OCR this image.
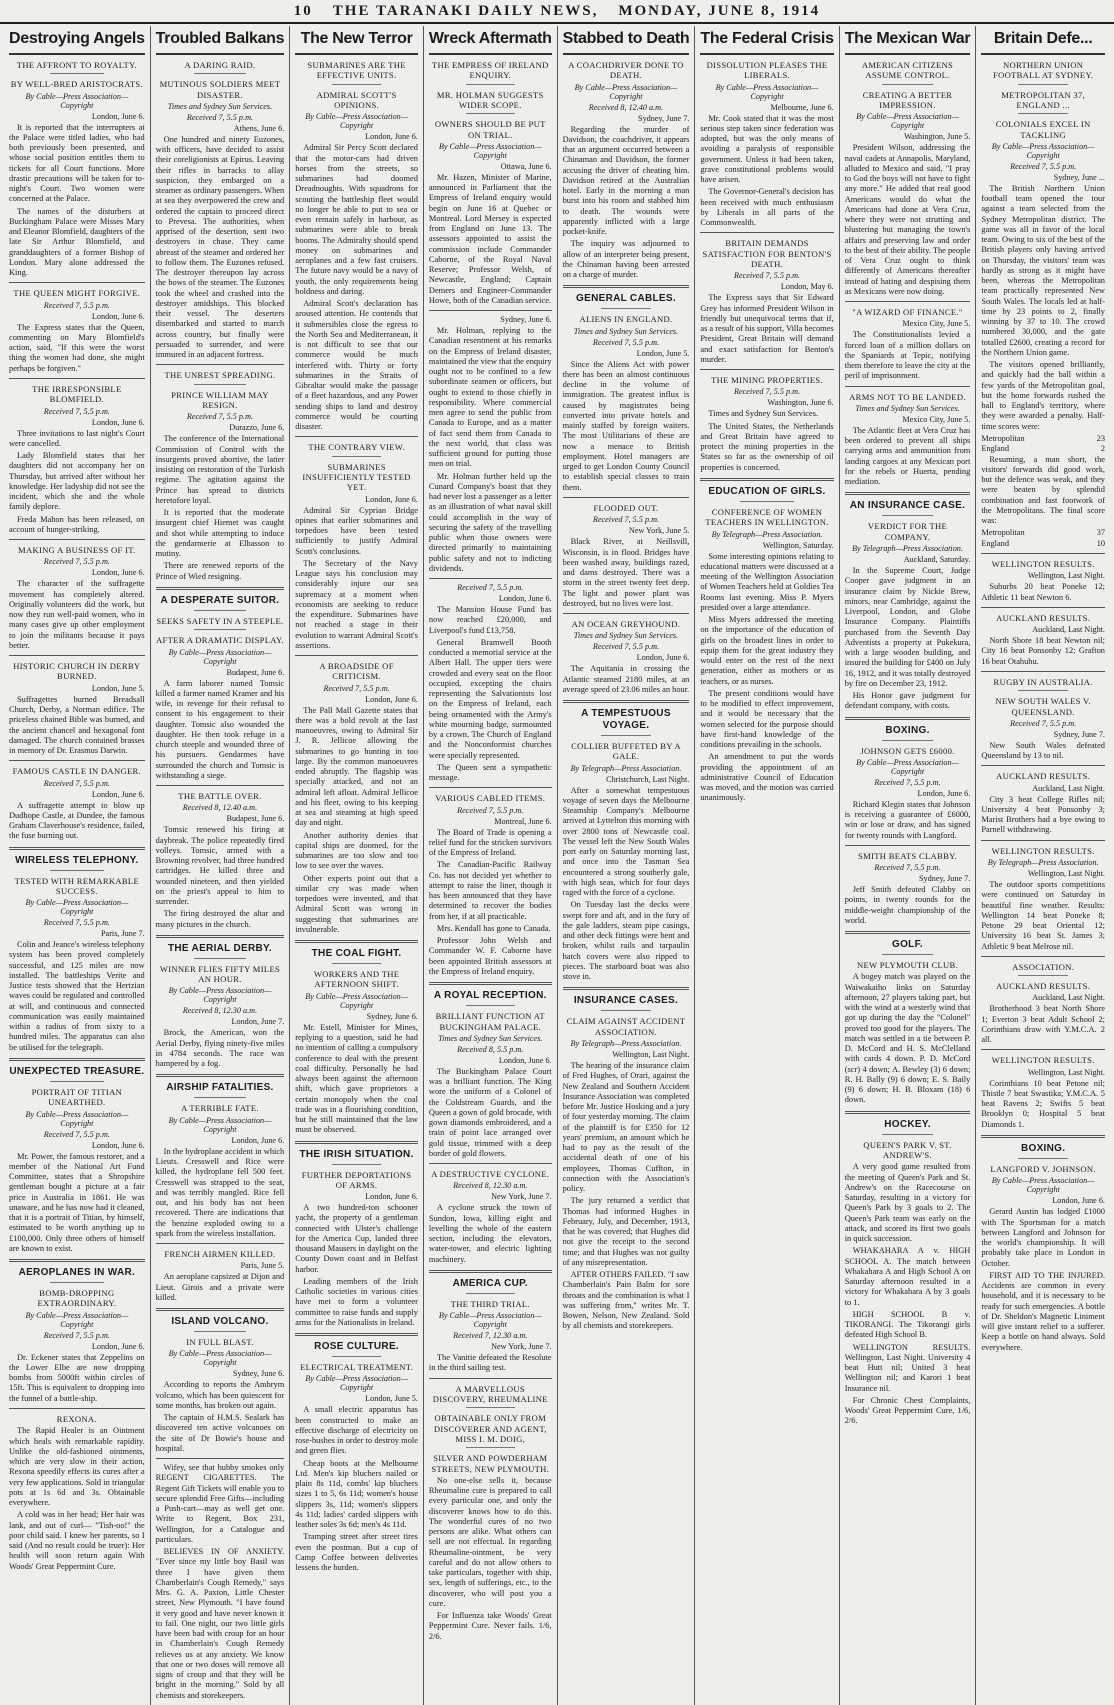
10 THE TARANAKI DAILY NEWS, MONDAY, JUNE 8, 1914
Destroying Angels
THE AFFRONT TO ROYALTY.
BY WELL-BRED ARISTOCRATS.
By Cable—Press Association—Copyright
London, June 6.

It is reported that the interrupters at the Palace were titled ladies, who had both previously been presented, and whose social position entitles them to tickets for all Court functions. More drastic precautions will be taken for to-night's Court. Two women were concerned at the Palace.

The names of the disturbers at Buckingham Palace were Misses Mary and Eleanor Blomfield, daughters of the late Sir Arthur Blomfield, and granddaughters of a former Bishop of London. Mary alone addressed the King.

THE QUEEN MIGHT FORGIVE.
Received 7, 5.5 p.m.
London, June 6.

The Express states that the Queen, commenting on Mary Blomfield's action, said, "If this were the worst thing the women had done, she might perhaps be forgiven."

THE IRRESPONSIBLE BLOMFIELD.
Received 7, 5.5 p.m.
London, June 6.

Three invitations to last night's Court were cancelled.

Lady Blomfield states that her daughters did not accompany her on Thursday, but arrived after without her knowledge. Her ladyship did not see the incident, which she and the whole family deplore.

Freda Mahon has been released, on account of hunger-striking.

MAKING A BUSINESS OF IT.
Received 7, 5.5 p.m.
London, June 6.

The character of the suffragette movement has completely altered. Originally volunteers did the work, but now they run well-paid women, who in many cases give up other employment to join the militants because it pays better.

HISTORIC CHURCH IN DERBY BURNED.
London, June 5.

Suffragettes burned Breadsall Church, Derby, a Norman edifice. The priceless chained Bible was burned, and the ancient chancel and hexagonal font damaged. The church contained brasses in memory of Dr. Erasmus Darwin.

FAMOUS CASTLE IN DANGER.
Received 7, 5.5 p.m.
London, June 6.

A suffragette attempt to blow up Dudhope Castle, at Dundee, the famous Graham Claverhouse's residence, failed, the fuse burning out.

WIRELESS TELEPHONY.
TESTED WITH REMARKABLE SUCCESS.
By Cable—Press Association—Copyright
Received 7, 5.5 p.m.
Paris, June 7.

Colin and Jeance's wireless telephony system has been proved completely successful, and 125 miles are now installed. The battleships Verite and Justice tests showed that the Hertzian waves could be regulated and controlled at will, and continuous and connected communication was easily maintained within a radius of from sixty to a hundred miles. The apparatus can also be utilised for the telegraph.

UNEXPECTED TREASURE.
PORTRAIT OF TITIAN UNEARTHED.
By Cable—Press Association—Copyright
Received 7, 5.5 p.m.
London, June 6.

Mr. Power, the famous restorer, and a member of the National Art Fund Committee, states that a Shropshire gentleman bought a picture at a fair price in Australia in 1861. He was unaware, and he has now had it cleaned, that it is a portrait of Titian, by himself, estimated to be worth anything up to £100,000. Only three others of himself are known to exist.

AEROPLANES IN WAR.
BOMB-DROPPING EXTRAORDINARY.
By Cable—Press Association—Copyright
Received 7, 5.5 p.m.
London, June 6.

Dr. Eckener states that Zeppelins on the Lower Elbe are now dropping bombs from 5000ft within circles of 15ft. This is equivalent to dropping into the funnel of a battle-ship.

REXONA.

The Rapid Healer is an Ointment which heals with remarkable rapidity. Unlike the old-fashioned ointments, which are very slow in their action, Rexona speedily effects its cures after a very few applications. Sold in triangular pots at 1s 6d and 3s. Obtainable everywhere.

A cold was in her head; Her hair was lank, and out of curl— "Tish-oo!" the poor child said. I knew her parents, so I said (And no result could be truer): Her health will soon return again With Woods' Great Peppermint Cure.

Troubled Balkans
A DARING RAID.
MUTINOUS SOLDIERS MEET DISASTER.
Times and Sydney Sun Services.
Received 7, 5.5 p.m.
Athens, June 6.

One hundred and ninety Euzones, with officers, have decided to assist their coreligionists at Epirus. Leaving their rifles in barracks to allay suspicion, they embarged on a steamer as ordinary passengers. When at sea they overpowered the crew and ordered the captain to proceed direct to Prevesa. The authorities, when apprised of the desertion, sent two destroyers in chase. They came abreast of the steamer and ordered her to follow them. The Euzones refused. The destroyer thereupon lay across the bows of the steamer. The Euzones took the wheel and crashed into the destroyer amidships. This blocked their vessel. The deserters disembarked and started to march across country, but finally were persuaded to surrender, and were immured in an adjacent fortress.

THE UNREST SPREADING.
PRINCE WILLIAM MAY RESIGN.
Received 7, 5.5 p.m.
Durazzo, June 6.

The conference of the International Commission of Control with the insurgents proved abortive, the latter insisting on restoration of the Turkish regime. The agitation against the Prince has spread to districts heretofore loyal.

It is reported that the moderate insurgent chief Hiemet was caught and shot while attempting to induce the gendarmerie at Elbasson to mutiny.

There are renewed reports of the Prince of Wied resigning.

A DESPERATE SUITOR.
SEEKS SAFETY IN A STEEPLE.
AFTER A DRAMATIC DISPLAY.
By Cable—Press Association—Copyright
Budapest, June 6.

A farm laborer named Tomsic killed a farmer named Kramer and his wife, in revenge for their refusal to consent to his engagement to their daughter. Tomsic also wounded the daughter. He then took refuge in a church steeple and wounded three of his pursuers. Gendarmes have surrounded the church and Tomsic is withstanding a siege.

THE BATTLE OVER.
Received 8, 12.40 a.m.
Budapest, June 6.

Tomsic renewed his firing at daybreak. The police repeatedly fired volleys. Tomsic, armed with a Browning revolver, had three hundred cartridges. He killed three and wounded nineteen, and then yielded on the priest's appeal to him to surrender.

The firing destroyed the altar and many pictures in the church.

THE AERIAL DERBY.
WINNER FLIES FIFTY MILES AN HOUR.
By Cable—Press Association—Copyright
Received 8, 12.30 a.m.
London, June 7.

Brock, the American, won the Aerial Derby, flying ninety-five miles in 4784 seconds. The race was hampered by a fog.

AIRSHIP FATALITIES.
A TERRIBLE FATE.
By Cable—Press Association—Copyright
London, June 6.

In the hydroplane accident in which Lieuts. Cresswell and Rice were killed, the hydroplane fell 500 feet. Cresswell was strapped to the seat, and was terribly mangled. Rice fell out, and his body has not been recovered. There are indications that the benzine exploded owing to a spark from the wireless installation.

FRENCH AIRMEN KILLED.
Paris, June 5.

An aeroplane capsized at Dijon and Lieut. Girois and a private were killed.

ISLAND VOLCANO.
IN FULL BLAST.
By Cable—Press Association—Copyright
Sydney, June 6.

According to reports the Ambrym volcano, which has been quiescent for some months, has broken out again.

The captain of H.M.S. Sealark has discovered ten active volcanoes on the site of Dr Bowie's house and hospital.

Wifey, see that hubby smokes only REGENT CIGARETTES. The Regent Gift Tickets will enable you to secure splendid Free Gifts—including a Push-cart—may as well get one. Write to Regent, Box 231, Wellington, for a Catalogue and particulars.

BELIEVES IN OF ANXIETY. "Ever since my little boy Basil was three I have given them Chamberlain's Cough Remedy," says Mrs. G. A. Paxton, Little Chester street, New Plymouth. "I have found it very good and have never known it to fail. One night, our two little girls have been bad with croup for an hour in Chamberlain's Cough Remedy relieves us at any anxiety. We know that one or two doses will remove all signs of croup and that they will be bright in the morning." Sold by all chemists and storekeepers.

The New Terror
SUBMARINES ARE THE EFFECTIVE UNITS.
ADMIRAL SCOTT'S OPINIONS.
By Cable—Press Association—Copyright
London, June 6.

Admiral Sir Percy Scott declared that the motor-cars had driven horses from the streets, so submarines had doomed Dreadnoughts. With squadrons for scouting the battleship fleet would no longer be able to put to sea or even remain safely in harbour, as submarines were able to break booms. The Admiralty should spend money on submarines and aeroplanes and a few fast cruisers. The future navy would be a navy of youth, the only requirements being boldness and daring.

Admiral Scott's declaration has aroused attention. He contends that it submersibles close the egress to the North Sea and Mediterranean, it is not difficult to see that our commerce would be much interfered with. Thirty or forty submarines in the Straits of Gibraltar would make the passage of a fleet hazardous, and any Power sending ships to land and destroy commerce would be courting disaster.

THE CONTRARY VIEW.
SUBMARINES INSUFFICIENTLY TESTED YET.
London, June 6.

Admiral Sir Cyprian Bridge opines that earlier submarines and torpedoes have been tested sufficiently to justify Admiral Scott's conclusions.

The Secretary of the Navy League says his conclusion may considerably injure our sea supremacy at a moment when economists are seeking to reduce the expenditure. Submarines have not reached a stage in their evolution to warrant Admiral Scott's assertions.

A BROADSIDE OF CRITICISM.
Received 7, 5.5 p.m.
London, June 6.

The Pall Mall Gazette states that there was a bold revolt at the last manoeuvres, owing to Admiral Sir J. R. Jellicoe allowing the submarines to go hunting in too large. By the common manoeuvres ended abruptly. The flagship was specially attacked, and not an admiral left afloat. Admiral Jellicoe and his fleet, owing to his keeping at sea and steaming at high speed day and night.

Another authority denies that capital ships are doomed, for the submarines are too slow and too low to see over the waves.

Other experts point out that a similar cry was made when torpedoes were invented, and that Admiral Scott was wrong in suggesting that submarines are invulnerable.

THE COAL FIGHT.
WORKERS AND THE AFTERNOON SHIFT.
By Cable—Press Association—Copyright
Sydney, June 6.

Mr. Estell, Minister for Mines, replying to a question, said he had no intention of calling a compulsory conference to deal with the present coal difficulty. Personally he had always been against the afternoon shift, which gave proprietors a certain monopoly when the coal trade was in a flourishing condition, but he still maintained that the law must be observed.

THE IRISH SITUATION.
FURTHER DEPORTATIONS OF ARMS.
London, June 6.

A two hundred-ton schooner yacht, the property of a gentleman connected with Ulster's challenge for the America Cup, landed three thousand Mausers in daylight on the County Down coast and in Belfast harbor.

Leading members of the Irish Catholic societies in various cities have met to form a volunteer committee to raise funds and supply arms for the Nationalists in Ireland.

ROSE CULTURE.
ELECTRICAL TREATMENT.
By Cable—Press Association—Copyright
London, June 5.

A small electric apparatus has been constructed to make an effective discharge of electricity on rose-bushes in order to destroy mole and green flies.

Cheap boots at the Melbourne Ltd. Men's kip bluchers nailed or plain 8s 11d, combs' kip bluchers sizes 1 to 5, 6s 11d; women's house slippers 3s, 11d; women's slippers 4s 11d; ladies' carded slippers with leather soles 3s 6d; men's 4s 11d.

Tramping street after street tires even the postman. But a cup of Camp Coffee between deliveries lessens the burden.

Wreck Aftermath
THE EMPRESS OF IRELAND ENQUIRY.
MR. HOLMAN SUGGESTS WIDER SCOPE.
OWNERS SHOULD BE PUT ON TRIAL.
By Cable—Press Association—Copyright
Ottawa, June 6.

Mr. Hazen, Minister of Marine, announced in Parliament that the Empress of Ireland enquiry would begin on June 16 at Quebec or Montreal. Lord Mersey is expected from England on June 13. The assessors appointed to assist the commission include Commander Caborne, of the Royal Naval Reserve; Professor Welsh, of Newcastle, England; Captain Demers and Engineer-Commander Howe, both of the Canadian service.

Sydney, June 6.

Mr. Holman, replying to the Canadian resentment at his remarks on the Empress of Ireland disaster, maintained the view that the enquiry ought not to be confined to a few subordinate seamen or officers, but ought to extend to those chiefly in responsibility. Where commercial men agree to send the public from Canada to Europe, and as a matter of fact send them from Canada to the next world, that class was sufficient ground for putting those men on trial.

Mr. Holman further held up the Cunard Company's boast that they had never lost a passenger as a letter as an illustration of what naval skill could accomplish in the way of securing the safety of the travelling public when those owners were directed primarily to maintaining public safety and not to indicting dividends.

Received 7, 5.5 p.m.
London, June 6.

The Mansion House Fund has now reached £20,000, and Liverpool's fund £13,758.

General Bramwell Booth conducted a memorial service at the Albert Hall. The upper tiers were crowded and every seat on the floor occupied, excepting the chairs representing the Salvationists lost on the Empress of Ireland, each being ornamented with the Army's white mourning badge, surmounted by a crown. The Church of England and the Nonconformist churches were specially represented.

The Queen sent a sympathetic message.

VARIOUS CABLED ITEMS.
Received 7, 5.5 p.m.
Montreal, June 6.

The Board of Trade is opening a relief fund for the stricken survivors of the Empress of Ireland.

The Canadian-Pacific Railway Co. has not decided yet whether to attempt to raise the liner, though it has been announced that they have determined to recover the bodies from her, if at all practicable.

Mrs. Kendall has gone to Canada.

Professor John Welsh and Commander W. F. Caborne have been appointed British assessors at the Empress of Ireland enquiry.

A ROYAL RECEPTION.
BRILLIANT FUNCTION AT BUCKINGHAM PALACE.
Times and Sydney Sun Services.
Received 8, 5.5 p.m.
London, June 6.

The Buckingham Palace Court was a brilliant function. The King wore the uniform of a Colonel of the Coldstream Guards, and the Queen a gown of gold brocade, with gown diamonds embroidered, and a train of point lace arranged over gold tissue, trimmed with a deep border of gold flowers.

A DESTRUCTIVE CYCLONE.
Received 8, 12.30 a.m.
New York, June 7.

A cyclone struck the town of Sundon, Iowa, killing eight and levelling the whole of the eastern section, including the elevators, water-tower, and electric lighting machinery.

AMERICA CUP.
THE THIRD TRIAL.
By Cable—Press Association—Copyright
Received 7, 12.30 a.m.
New York, June 7.

The Vanitie defeated the Resolute in the third sailing test.

A MARVELLOUS DISCOVERY, RHEUMALINE
OBTAINABLE ONLY FROM DISCOVERER AND AGENT, MISS I. M. DOIG,
SILVER AND POWDERHAM STREETS, NEW PLYMOUTH.

No one-else sells it, because Rheumaline cure is prepared to call every particular one, and only the discoverer knows how to do this. The wonderful cures of no two persons are alike. What others can sell are not effectual. In regarding Rheumaline-ointment, be very careful and do not allow others to take particulars, together with ship, sex, length of sufferings, etc., to the discoverer, who will post you a cure.

For Influenza take Woods' Great Peppermint Cure. Never fails. 1/6, 2/6.

Stabbed to Death
A COACHDRIVER DONE TO DEATH.
By Cable—Press Association—Copyright
Received 8, 12.40 a.m.
Sydney, June 7.

Regarding the murder of Davidson, the coachdriver, it appears that an argument occurred between a Chinaman and Davidson, the former accusing the driver of cheating him. Davidson retired at the Australian hotel. Early in the morning a man burst into his room and stabbed him to death. The wounds were apparently inflicted with a large pocket-knife.

The inquiry was adjourned to allow of an interpreter being present, the Chinaman having been arrested on a charge of murder.

GENERAL CABLES.
ALIENS IN ENGLAND.
Times and Sydney Sun Services.
Received 7, 5.5 p.m.
London, June 5.

Since the Aliens Act with power there has been an almost continuous decline in the volume of immigration. The greatest influx is caused by magistrates being converted into private hotels and mainly staffed by foreign waiters. The most Utilitarians of these are now a menace to British employment. Hotel managers are urged to get London County Council to establish special classes to train them.

FLOODED OUT.
Received 7, 5.5 p.m.
New York, June 5.

Black River, at Neillsvill, Wisconsin, is in flood. Bridges have been washed away, buildings razed, and dams destroyed. There was a storm in the street twenty feet deep. The light and power plant was destroyed, but no lives were lost.

AN OCEAN GREYHOUND.
Times and Sydney Sun Services.
Received 7, 5.5 p.m.
London, June 6.

The Aquitania in crossing the Atlantic steamed 2180 miles, at an average speed of 23.06 miles an hour.

A TEMPESTUOUS VOYAGE.
COLLIER BUFFETED BY A GALE.
By Telegraph—Press Association.
Christchurch, Last Night.

After a somewhat tempestuous voyage of seven days the Melbourne Steamship Company's Melbourne arrived at Lyttelton this morning with over 2800 tons of Newcastle coal. The vessel left the New South Wales port early on Saturday morning last, and once into the Tasman Sea encountered a strong southerly gale, with high seas, which for four days raged with the force of a cyclone.

On Tuesday last the decks were swept fore and aft, and in the fury of the gale ladders, steam pipe casings, and other deck fittings were bent and broken, whilst rails and tarpaulin hatch covers were also ripped to pieces. The starboard boat was also stove in.

INSURANCE CASES.
CLAIM AGAINST ACCIDENT ASSOCIATION.
By Telegraph—Press Association.
Wellington, Last Night.

The hearing of the insurance claim of Fred Hughes, of Orari, against the New Zealand and Southern Accident Insurance Association was completed before Mr. Justice Hosking and a jury of four yesterday morning. The claim of the plaintiff is for £350 for 12 years' premium, an amount which he had to pay as the result of the accidental death of one of his employees, Thomas Cuffton, in connection with the Association's policy.

The jury returned a verdict that Thomas had informed Hughes in February, July, and December, 1913, that he was covered; that Hughes did not give the receipt to the second time; and that Hughes was not guilty of any misrepresentation.

AFTER OTHERS FAILED. "I saw Chamberlain's Pain Balm for sore throats and the combination is what I was suffering from," writes Mr. T. Bowen, Nelson, New Zealand. Sold by all chemists and storekeepers.

The Federal Crisis
DISSOLUTION PLEASES THE LIBERALS.
By Cable—Press Association—Copyright
Melbourne, June 6.

Mr. Cook stated that it was the most serious step taken since federation was adopted, but was the only means of avoiding a paralysis of responsible government. Unless it had been taken, grave constitutional problems would have arisen.

The Governor-General's decision has been received with much enthusiasm by Liberals in all parts of the Commonwealth.

BRITAIN DEMANDS SATISFACTION FOR BENTON'S DEATH.
Received 7, 5.5 p.m.
London, May 6.

The Express says that Sir Edward Grey has informed President Wilson in friendly but unequivocal terms that if, as a result of his support, Villa becomes President, Great Britain will demand and exact satisfaction for Benton's murder.

THE MINING PROPERTIES.
Received 7, 5.5 p.m.
Washington, June 6.

Times and Sydney Sun Services.

The United States, the Netherlands and Great Britain have agreed to protect the mining properties in the States so far as the ownership of oil properties is concerned.

EDUCATION OF GIRLS.
CONFERENCE OF WOMEN TEACHERS IN WELLINGTON.
By Telegraph—Press Association.
Wellington, Saturday.

Some interesting opinions relating to educational matters were discussed at a meeting of the Wellington Association of Women Teachers held at Goldies Tea Rooms last evening. Miss P. Myers presided over a large attendance.

Miss Myers addressed the meeting on the importance of the education of girls on the broadest lines in order to equip them for the great industry they would enter on the rest of the next generation, either as mothers or as teachers, or as nurses.

The present conditions would have to be modified to effect improvement, and it would be necessary that the women selected for the purpose should have first-hand knowledge of the conditions prevailing in the schools.

An amendment to put the words providing the appointment of an administrative Council of Education was moved, and the motion was carried unanimously.

The Mexican War
AMERICAN CITIZENS ASSUME CONTROL.
CREATING A BETTER IMPRESSION.
By Cable—Press Association—Copyright
Washington, June 5.

President Wilson, addressing the naval cadets at Annapolis, Maryland, alluded to Mexico and said, "I pray to God the boys will not have to fight any more." He added that real good Americans would do what the Americans had done at Vera Cruz, where they were not strutting and blustering but managing the town's affairs and preserving law and order to the best of their ability. The people of Vera Cruz ought to think differently of Americans thereafter instead of hating and despising them as Mexicans were now doing.

"A WIZARD OF FINANCE."
Mexico City, June 5.

The Constitutionalists levied a forced loan of a million dollars on the Spaniards at Tepic, notifying them therefore to leave the city at the peril of imprisonment.

ARMS NOT TO BE LANDED.
Times and Sydney Sun Services.
Mexico City, June 5.

The Atlantic fleet at Vera Cruz has been ordered to prevent all ships carrying arms and ammunition from landing cargoes at any Mexican port for the rebels or Huerta, pending mediation.

AN INSURANCE CASE.
VERDICT FOR THE COMPANY.
By Telegraph—Press Association.
Auckland, Saturday.

In the Supreme Court, Judge Cooper gave judgment in an insurance claim by Nickie Brew, minors, near Cambridge, against the Liverpool, London, and Globe Insurance Company. Plaintiffs purchased from the Seventh Day Adventists a property at Pukekura, with a large wooden building, and insured the building for £400 on July 16, 1912, and it was totally destroyed by fire on December 23, 1912.

His Honor gave judgment for defendant company, with costs.

BOXING.
JOHNSON GETS £6000.
By Cable—Press Association—Copyright
Received 7, 5.5 p.m.
London, June 6.

Richard Klegin states that Johnson is receiving a guarantee of £6000, win or lose or draw, and has signed for twenty rounds with Langford.

SMITH BEATS CLABBY.
Received 7, 5.5 p.m.
Sydney, June 7.

Jeff Smith defeated Clabby on points, in twenty rounds for the middle-weight championship of the world.

GOLF.
NEW PLYMOUTH CLUB.

A bogey match was played on the Waiwakaiho links on Saturday afternoon, 27 players taking part, but with the wind at a westerly wind that got up during the day the "Colonel" proved too good for the players. The match was settled in a tie between P. D. McCord and H. S. McClelland with cards 4 down. P. D. McCord (scr) 4 down; A. Bewley (3) 6 down; R. H. Bally (9) 6 down; E. S. Baily (9) 6 down; H. B. Bloxam (18) 6 down.

HOCKEY.
QUEEN'S PARK V. ST. ANDREW'S.

A very good game resulted from the meeting of Queen's Park and St. Andrew's on the Racecourse on Saturday, resulting in a victory for Queen's Park by 3 goals to 2. The Queen's Park team was early on the attack, and scored its first two goals in quick succession.

WHAKAHARA A v. HIGH SCHOOL A. The match between Whakahara A and High School A on Saturday afternoon resulted in a victory for Whakahara A by 3 goals to 1.

HIGH SCHOOL B v. TIKORANGI. The Tikorangi girls defeated High School B.

WELLINGTON RESULTS. Wellington, Last Night. University 4 beat Hutt nil; United 3 beat Wellington nil; and Karori 1 beat Insurance nil.

For Chronic Chest Complaints, Woods' Great Peppermint Cure, 1/6, 2/6.

Britain Defe...
NORTHERN UNION FOOTBALL AT SYDNEY.
METROPOLITAN 37, ENGLAND ...
COLONIALS EXCEL IN TACKLING
By Cable—Press Association—Copyright
Received 7, 5.5 p.m.
Sydney, June ...

The British Northern Union football team opened the tour against a team selected from the Sydney Metropolitan district. The game was all in favor of the local team. Owing to six of the best of the British players only having arrived on Thursday, the visitors' team was hardly as strong as it might have been, whereas the Metropolitan team practically represented New South Wales. The locals led at half-time by 23 points to 2, finally winning by 37 to 10. The crowd numbered 30,000, and the gate totalled £2600, creating a record for the Northern Union game.

The visitors opened brilliantly, and quickly had the ball within a few yards of the Metropolitan goal, but the home forwards rushed the ball to England's territory, where they were awarded a penalty. Half-time scores were:

Metropolitan	23
England	2

Resuming, a man short, the visitors' forwards did good work, but the defence was weak, and they were beaten by splendid combination and fast footwork of the Metropolitans. The final score was:

Metropolitan	37
England	10
WELLINGTON RESULTS.
Wellington, Last Night.

Suburbs 20 beat Poneke 12; Athletic 11 beat Newton 6.

AUCKLAND RESULTS.
Auckland, Last Night.

North Shore 18 beat Newton nil; City 16 beat Ponsonby 12; Grafton 16 beat Otahuhu.

RUGBY IN AUSTRALIA.
NEW SOUTH WALES V. QUEENSLAND.
Received 7, 5.5 p.m.
Sydney, June 7.

New South Wales defeated Queensland by 13 to nil.

AUCKLAND RESULTS.
Auckland, Last Night.

City 3 beat College Rifles nil; University 4 beat Ponsonby 3; Marist Brothers had a bye owing to Parnell withdrawing.

WELLINGTON RESULTS.
By Telegraph—Press Association.
Wellington, Last Night.

The outdoor sports competitions were continued on Saturday in beautiful fine weather. Results: Wellington 14 beat Poneke 8; Petone 29 beat Oriental 12; University 16 beat St. James 3; Athletic 9 beat Melrose nil.

ASSOCIATION.
AUCKLAND RESULTS.
Auckland, Last Night.

Brotherhood 3 beat North Shore 1; Everton 3 beat Adult School 2; Corinthians draw with Y.M.C.A. 2 all.

WELLINGTON RESULTS.
Wellington, Last Night.

Corinthians 10 beat Petone nil; Thistle 7 beat Swastika; Y.M.C.A. 5 beat Ravens 2; Swifts 5 beat Brooklyn 0; Hospital 5 beat Diamonds 1.

BOXING.
LANGFORD V. JOHNSON.
By Cable—Press Association—Copyright
London, June 6.

Gerard Austin has lodged £1000 with The Sportsman for a match between Langford and Johnson for the world's championship. It will probably take place in London in October.

FIRST AID TO THE INJURED. Accidents are common in every household, and it is necessary to be ready for such emergencies. A bottle of Dr. Sheldon's Magnetic Liniment will give instant relief to a sufferer. Keep a bottle on hand always. Sold everywhere.
